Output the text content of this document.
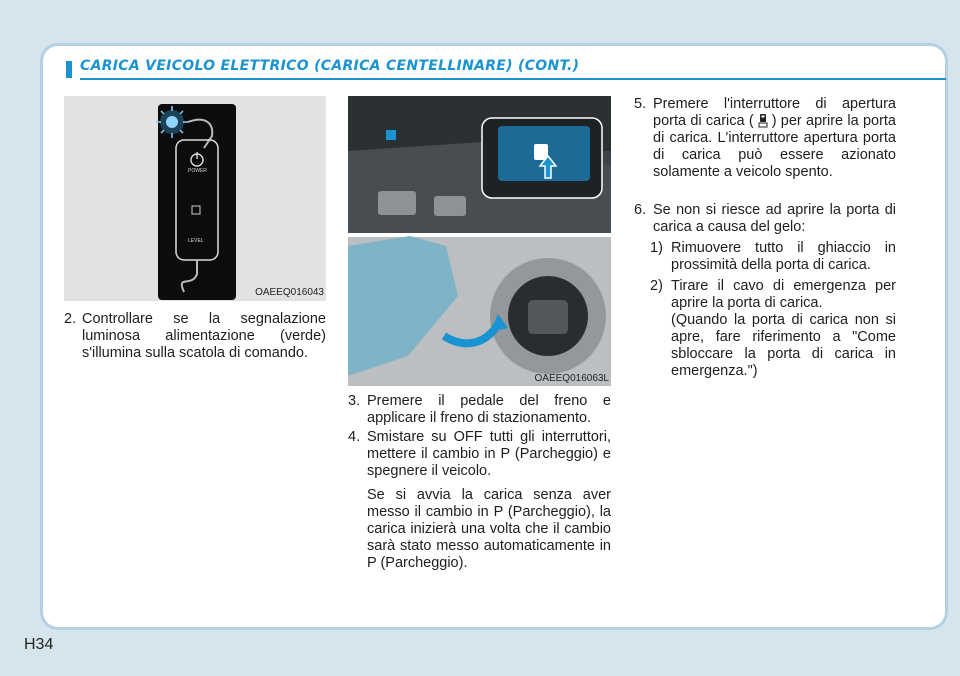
CARICA VEICOLO ELETTRICO (CARICA CENTELLINARE) (CONT.)
POWER
LEVEL
OAEEQ016043
OAEEQ016063L
2. Controllare se la segnalazione luminosa alimentazione (verde) s'illumina sulla scatola di comando.
3. Premere il pedale del freno e applicare il freno di stazionamento.
4. Smistare su OFF tutti gli interruttori, mettere il cambio in P (Parcheggio) e spegnere il veicolo.
Se si avvia la carica senza aver messo il cambio in P (Parcheggio), la carica inizierà una volta che il cambio sarà stato messo automaticamente in P (Parcheggio).
5. Premere l'interruttore di apertura porta di carica ( ) per aprire la porta di carica. L'interruttore apertura porta di carica può essere azionato solamente a veicolo spento.
6. Se non si riesce ad aprire la porta di carica a causa del gelo:
1) Rimuovere tutto il ghiaccio in prossimità della porta di carica.
2) Tirare il cavo di emergenza per aprire la porta di carica.
(Quando la porta di carica non si apre, fare riferimento a "Come sbloccare la porta di carica in emergenza.")
H34
